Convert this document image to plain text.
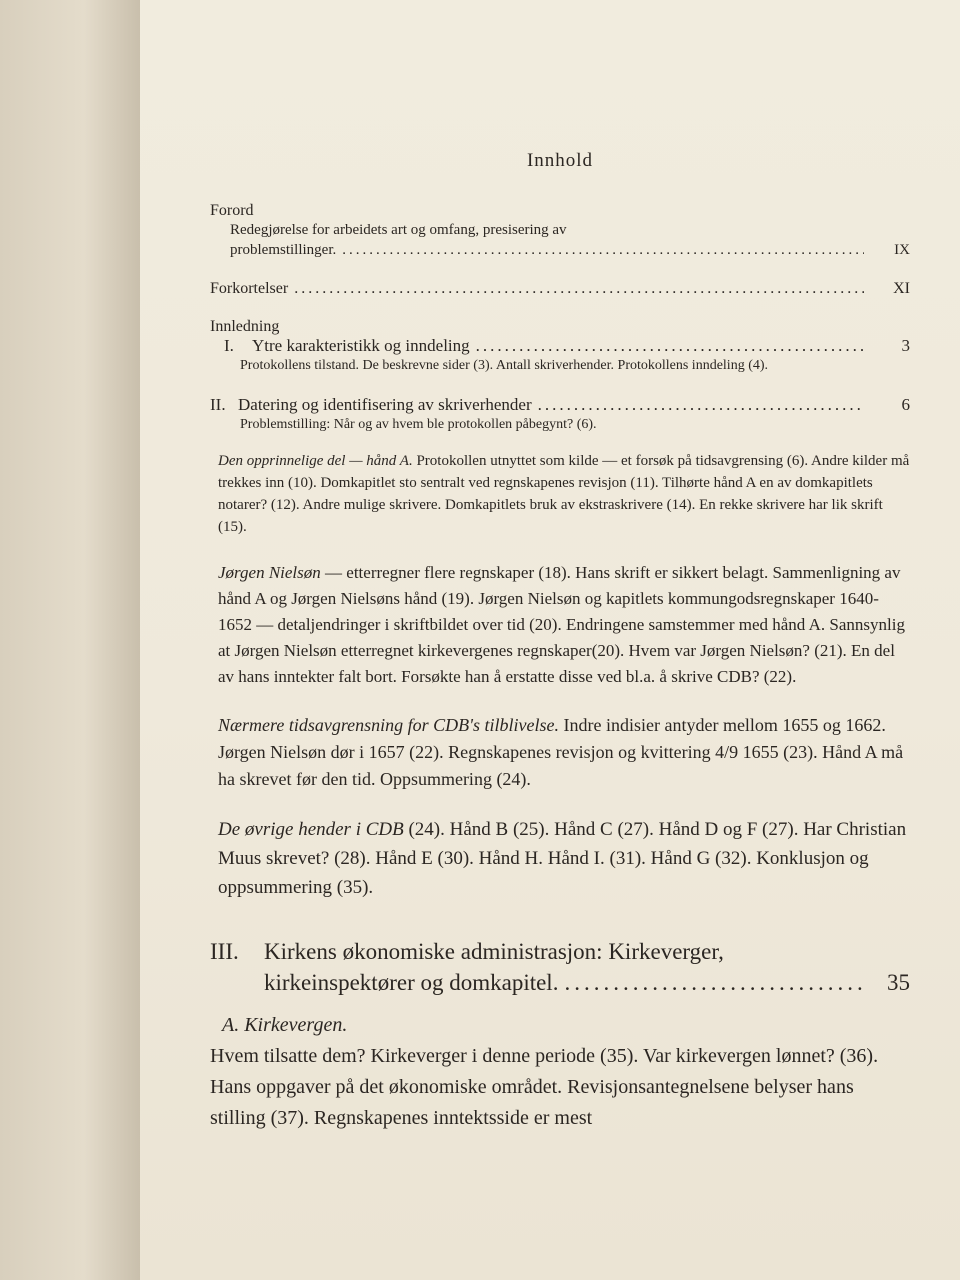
Innhold
Forord
Redegjørelse for arbeidets art og omfang, presisering av
problemstillinger. .....	IX
Forkortelser .....	XI
Innledning
I. Ytre karakteristikk og inndeling .....	3
Protokollens tilstand. De beskrevne sider (3). Antall skriverhender. Protokollens inndeling (4).
II. Datering og identifisering av skriverhender .....	6
Problemstilling: Når og av hvem ble protokollen påbegynt? (6).
Den opprinnelige del — hånd A. Protokollen utnyttet som kilde — et forsøk på tidsavgrensing (6). Andre kilder må trekkes inn (10). Domkapitlet sto sentralt ved regnskapenes revisjon (11). Tilhørte hånd A en av domkapitlets notarer? (12). Andre mulige skrivere. Domkapitlets bruk av ekstraskrivere (14). En rekke skrivere har lik skrift (15).
Jørgen Nielsøn — etterregner flere regnskaper (18). Hans skrift er sikkert belagt. Sammenligning av hånd A og Jørgen Nielsøns hånd (19). Jørgen Nielsøn og kapitlets kommungodsregnskaper 1640-1652 — detaljendringer i skriftbildet over tid (20). Endringene samstemmer med hånd A. Sannsynlig at Jørgen Nielsøn etterregnet kirkevergenes regnskaper(20). Hvem var Jørgen Nielsøn? (21). En del av hans inntekter falt bort. Forsøkte han å erstatte disse ved bl.a. å skrive CDB? (22).
Nærmere tidsavgrensning for CDB's tilblivelse. Indre indisier antyder mellom 1655 og 1662. Jørgen Nielsøn dør i 1657 (22). Regnskapenes revisjon og kvittering 4/9 1655 (23). Hånd A må ha skrevet før den tid. Oppsummering (24).
De øvrige hender i CDB (24). Hånd B (25). Hånd C (27). Hånd D og F (27). Har Christian Muus skrevet? (28). Hånd E (30). Hånd H. Hånd I. (31). Hånd G (32). Konklusjon og oppsummering (35).
III. Kirkens økonomiske administrasjon: Kirkeverger,
kirkeinspektører og domkapitel. .....	35
A. Kirkevergen.
Hvem tilsatte dem? Kirkeverger i denne periode (35). Var kirkevergen lønnet? (36). Hans oppgaver på det økonomiske området. Revisjonsantegnelsene belyser hans stilling (37). Regnskapenes inntektsside er mest
